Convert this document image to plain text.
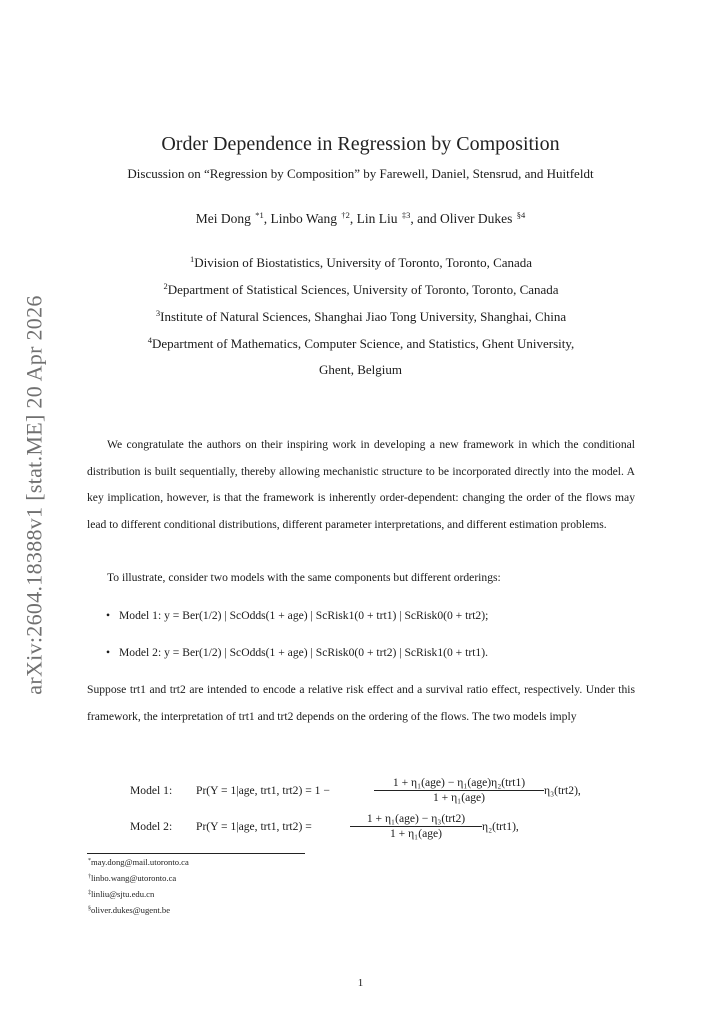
arXiv:2604.18388v1 [stat.ME] 20 Apr 2026
Order Dependence in Regression by Composition
Discussion on “Regression by Composition” by Farewell, Daniel, Stensrud, and Huitfeldt
Mei Dong $^{*1}$, Linbo Wang $^{\dagger 2}$, Lin Liu $^{\ddagger 3}$, and Oliver Dukes $^{\S 4}$
$^1$Division of Biostatistics, University of Toronto, Toronto, Canada
$^2$Department of Statistical Sciences, University of Toronto, Toronto, Canada
$^3$Institute of Natural Sciences, Shanghai Jiao Tong University, Shanghai, China
$^4$Department of Mathematics, Computer Science, and Statistics, Ghent University,
Ghent, Belgium
We congratulate the authors on their inspiring work in developing a new framework in which the conditional distribution is built sequentially, thereby allowing mechanistic structure to be incorporated directly into the model. A key implication, however, is that the framework is inherently order-dependent: changing the order of the flows may lead to different conditional distributions, different parameter interpretations, and different estimation problems.
To illustrate, consider two models with the same components but different orderings:
• Model 1: y = Ber(1/2) | ScOdds(1 + age) | ScRisk1(0 + trt1) | ScRisk0(0 + trt2);
• Model 2: y = Ber(1/2) | ScOdds(1 + age) | ScRisk0(0 + trt2) | ScRisk1(0 + trt1).
Suppose trt1 and trt2 are intended to encode a relative risk effect and a survival ratio effect, respectively. Under this framework, the interpretation of trt1 and trt2 depends on the ordering of the flows. The two models imply
Model 1: Pr(Y = 1|age, trt1, trt2) = 1 −
1 + η₁(age) − η₁(age)η₂(trt1)
1 + η₁(age)
η₃(trt2),
Model 2: Pr(Y = 1|age, trt1, trt2) =
1 + η₁(age) − η₃(trt2)
1 + η₁(age)
η₂(trt1),
*may.dong@mail.utoronto.ca
†linbo.wang@utoronto.ca
‡linliu@sjtu.edu.cn
§oliver.dukes@ugent.be
1
